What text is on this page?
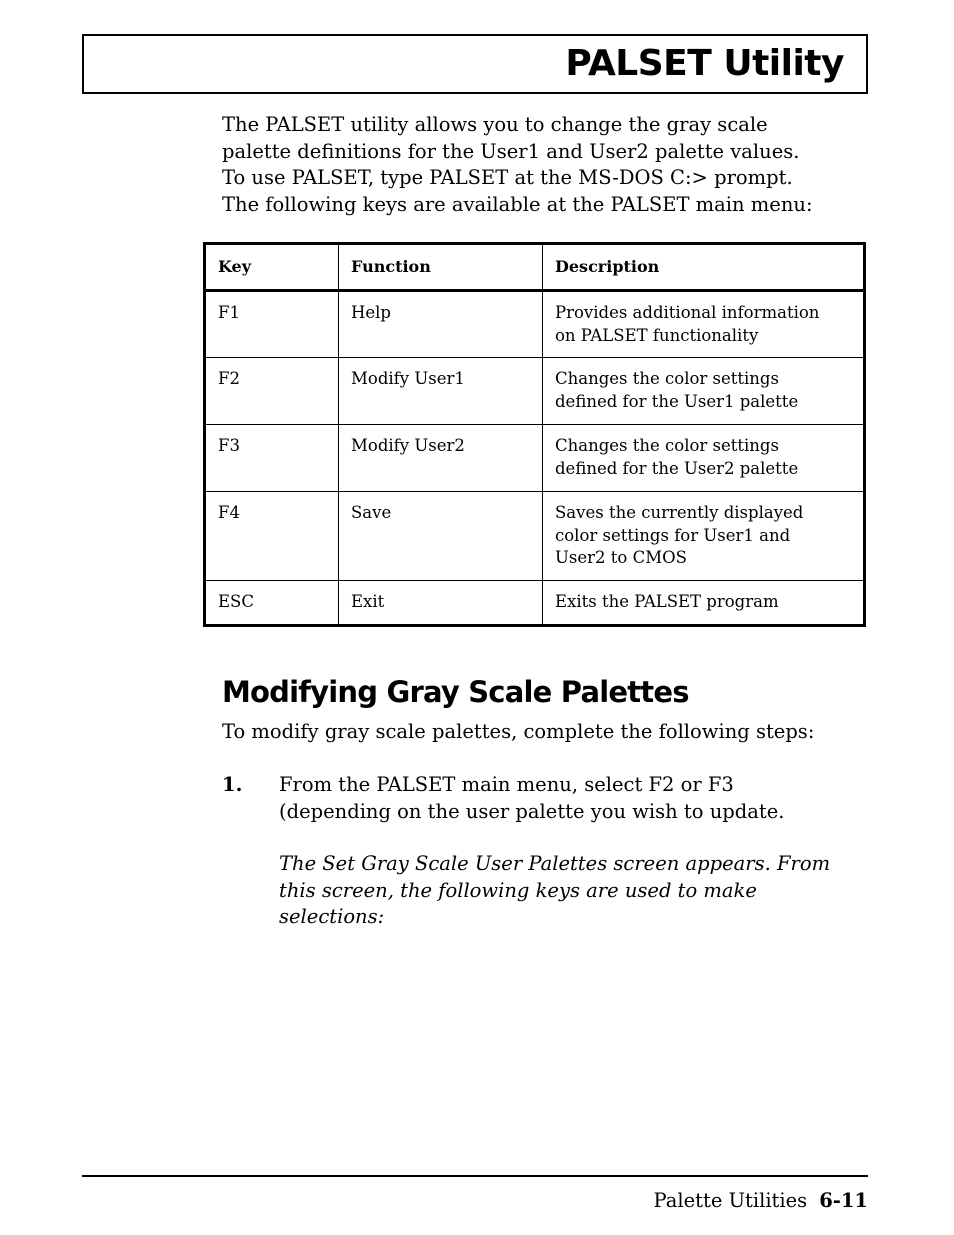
PALSET Utility
The PALSET utility allows you to change the gray scale
palette definitions for the User1 and User2 palette values.
To use PALSET, type PALSET at the MS-DOS C:> prompt.
The following keys are available at the PALSET main menu:
Key	Function	Description
F1	Help	Provides additional information
on PALSET functionality

F2	Modify User1	Changes the color settings
defined for the User1 palette

F3	Modify User2	Changes the color settings
defined for the User2 palette

F4	Save	Saves the currently displayed
color settings for User1 and
User2 to CMOS

ESC	Exit	Exits the PALSET program
Modifying Gray Scale Palettes
To modify gray scale palettes, complete the following steps:
1. From the PALSET main menu, select F2 or F3
(depending on the user palette you wish to update.
The Set Gray Scale User Palettes screen appears. From
this screen, the following keys are used to make
selections:
Palette Utilities 6-11
